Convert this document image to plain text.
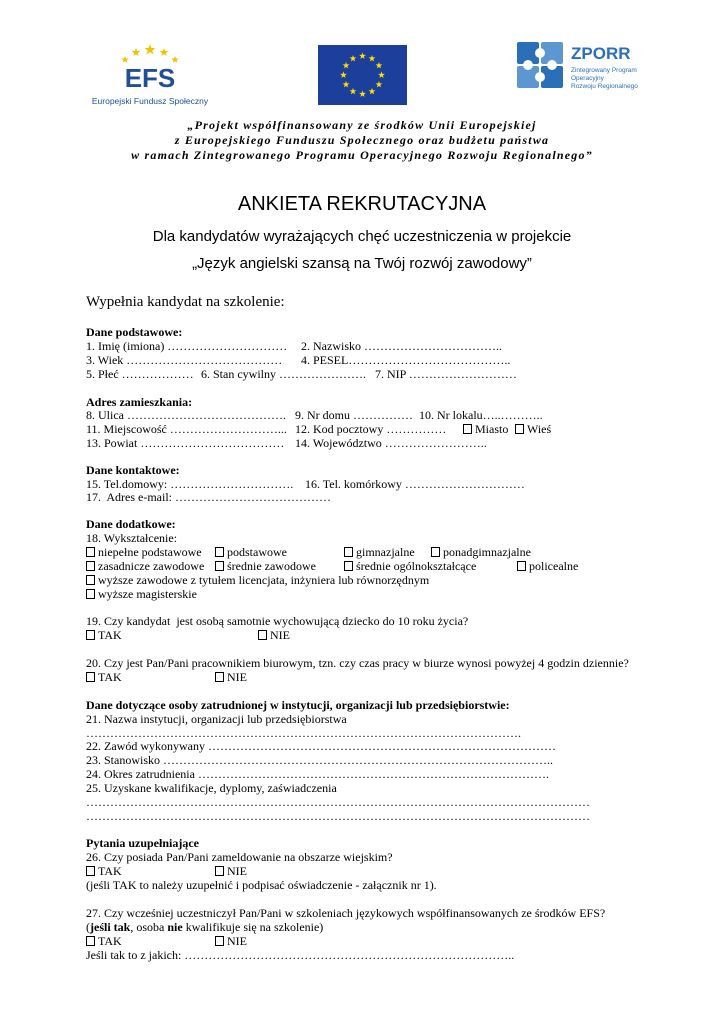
EFS
Europejski Fundusz Społeczny
ZPORR
Zintegrowany Program
Operacyjny
Rozwoju Regionalnego
„Projekt współfinansowany ze środków Unii Europejskiej
z Europejskiego Funduszu Społecznego oraz budżetu państwa
w ramach Zintegrowanego Programu Operacyjnego Rozwoju Regionalnego”
ANKIETA REKRUTACYJNA
Dla kandydatów wyrażających chęć uczestniczenia w projekcie
„Język angielski szansą na Twój rozwój zawodowy”
Wypełnia kandydat na szkolenie:
Dane podstawowe:
1. Imię (imiona) ………………………… 2. Nazwisko ……………………………..
3. Wiek ………………………………… 4. PESEL…………………………………..
5. Płeć ……………… 6. Stan cywilny …………………. 7. NIP ………………………
Adres zamieszkania:
8. Ulica …………………………………. 9. Nr domu …………… 10. Nr lokalu…..………..
11. Miejscowość ………………………... 12. Kod pocztowy ……………	Miasto	Wieś
13. Powiat ……………………………… 14. Województwo ……………………..
Dane kontaktowe:
15. Tel.domowy: …………………………. 16. Tel. komórkowy …………………………
17.  Adres e-mail: …………………………………
Dane dodatkowe:
18. Wykształcenie:
niepełne podstawowe	podstawowe	gimnazjalne	ponadgimnazjalne
zasadnicze zawodowe	średnie zawodowe	średnie ogólnokształcące	policealne
wyższe zawodowe z tytułem licencjata, inżyniera lub równorzędnym
wyższe magisterskie
19. Czy kandydat  jest osobą samotnie wychowującą dziecko do 10 roku życia?
TAK	NIE
20. Czy jest Pan/Pani pracownikiem biurowym, tzn. czy czas pracy w biurze wynosi powyżej 4 godzin dziennie?
TAK	NIE
Dane dotyczące osoby zatrudnionej w instytucji, organizacji lub przedsiębiorstwie:
21. Nazwa instytucji, organizacji lub przedsiębiorstwa
……………………………………………………………………………………………….
22. Zawód wykonywany ……………………………………………………………………………
23. Stanowisko ……………………………………………………………………………………..
24. Okres zatrudnienia …………………………………………………………………………….
25. Uzyskane kwalifikacje, dyplomy, zaświadczenia
………………………………………………………………………………………………………………
………………………………………………………………………………………………………………
Pytania uzupełniające
26. Czy posiada Pan/Pani zameldowanie na obszarze wiejskim?
TAK	NIE
(jeśli TAK to należy uzupełnić i podpisać oświadczenie - załącznik nr 1).
27. Czy wcześniej uczestniczył Pan/Pani w szkoleniach językowych współfinansowanych ze środków EFS?
(jeśli tak, osoba nie kwalifikuje się na szkolenie)
TAK	NIE
Jeśli tak to z jakich: ………………………………………………………………………..
